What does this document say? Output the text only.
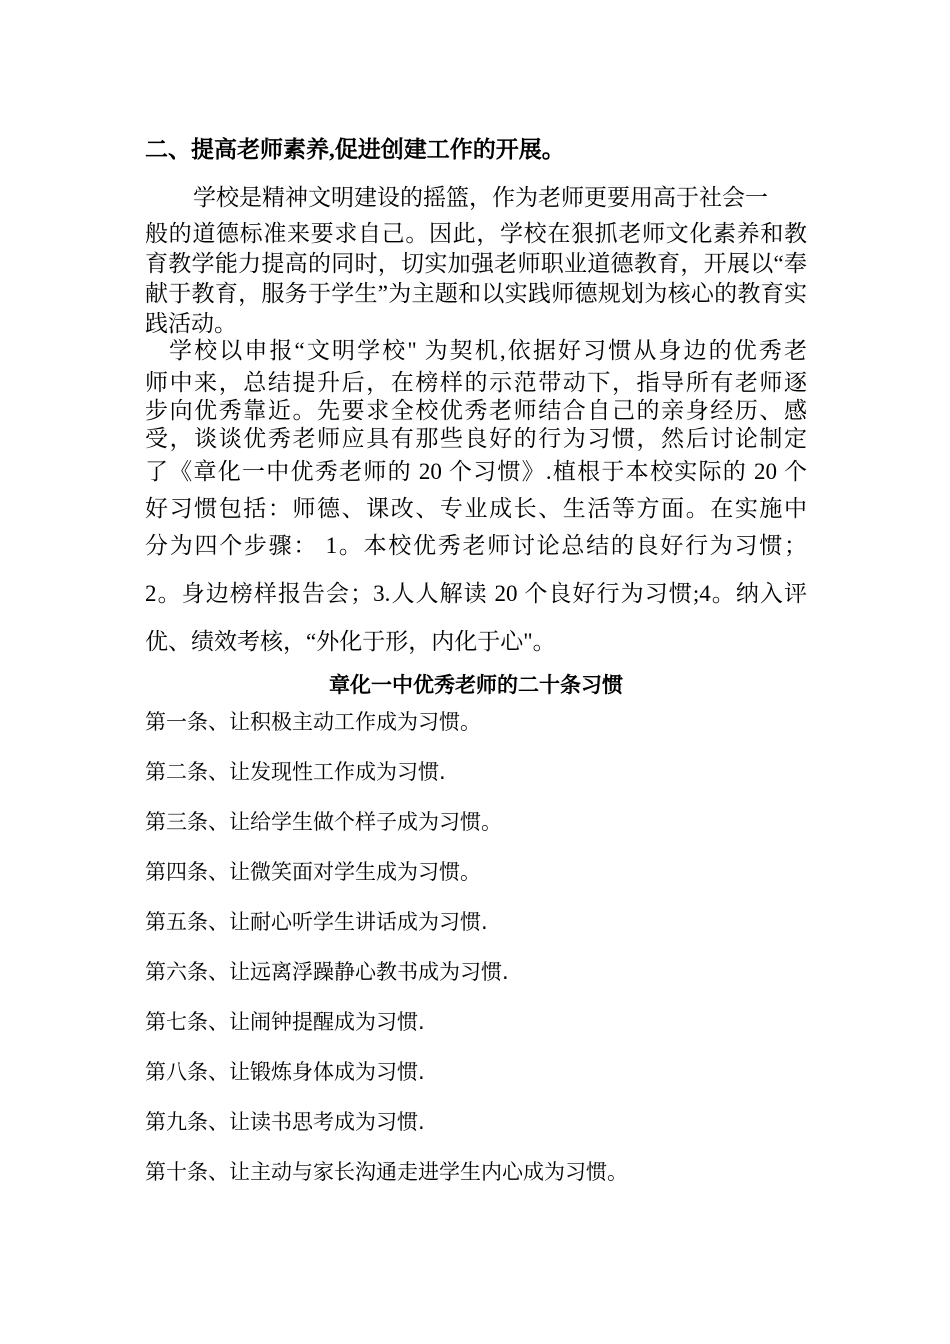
二、提高老师素养,促进创建工作的开展。
学校是精神文明建设的摇篮，作为老师更要用高于社会一
般的道德标准来要求自己。因此，学校在狠抓老师文化素养和教育教学能力提高的同时，切实加强老师职业道德教育，开展以“奉献于教育，服务于学生”为主题和以实践师德规划为核心的教育实践活动。
学校以申报“文明学校" 为契机,依据好习惯从身边的优秀老
师中来，总结提升后，在榜样的示范带动下，指导所有老师逐
步向优秀靠近。先要求全校优秀老师结合自己的亲身经历、感
受，谈谈优秀老师应具有那些良好的行为习惯，然后讨论制定
了《章化一中优秀老师的 20 个习惯》.植根于本校实际的 20 个
好习惯包括：师德、课改、专业成长、生活等方面。在实施中
分为四个步骤： 1。本校优秀老师讨论总结的良好行为习惯；
2。身边榜样报告会；3.人人解读 20 个良好行为习惯;4。纳入评
优、绩效考核，“外化于形，内化于心"。
章化一中优秀老师的二十条习惯
第一条、让积极主动工作成为习惯。
第二条、让发现性工作成为习惯.
第三条、让给学生做个样子成为习惯。
第四条、让微笑面对学生成为习惯。
第五条、让耐心听学生讲话成为习惯.
第六条、让远离浮躁静心教书成为习惯.
第七条、让闹钟提醒成为习惯.
第八条、让锻炼身体成为习惯.
第九条、让读书思考成为习惯.
第十条、让主动与家长沟通走进学生内心成为习惯。
